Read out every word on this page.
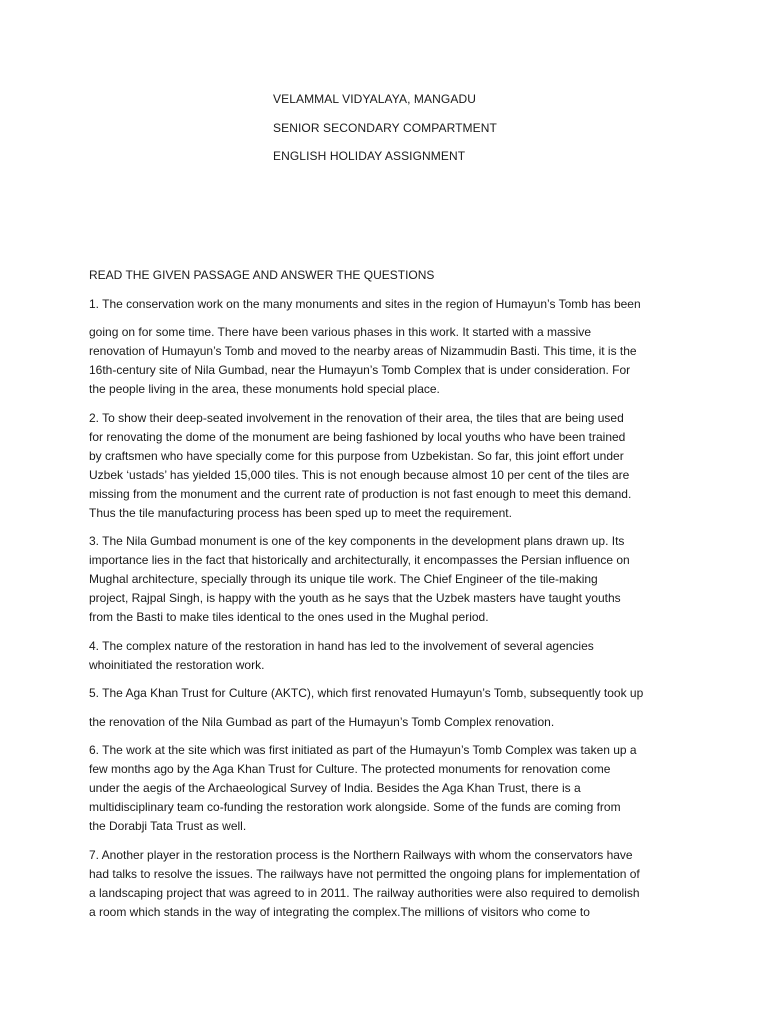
VELAMMAL VIDYALAYA, MANGADU
SENIOR SECONDARY COMPARTMENT
ENGLISH HOLIDAY ASSIGNMENT
READ THE GIVEN PASSAGE AND ANSWER THE QUESTIONS
1. The conservation work on the many monuments and sites in the region of Humayun’s Tomb has been
going on for some time. There have been various phases in this work. It started with a massive
renovation of Humayun’s Tomb and moved to the nearby areas of Nizammudin Basti. This time, it is the
16th-century site of Nila Gumbad, near the Humayun’s Tomb Complex that is under consideration. For
the people living in the area, these monuments hold special place.
2. To show their deep-seated involvement in the renovation of their area, the tiles that are being used
for renovating the dome of the monument are being fashioned by local youths who have been trained
by craftsmen who have specially come for this purpose from Uzbekistan. So far, this joint effort under
Uzbek ‘ustads’ has yielded 15,000 tiles. This is not enough because almost 10 per cent of the tiles are
missing from the monument and the current rate of production is not fast enough to meet this demand.
Thus the tile manufacturing process has been sped up to meet the requirement.
3. The Nila Gumbad monument is one of the key components in the development plans drawn up. Its
importance lies in the fact that historically and architecturally, it encompasses the Persian influence on
Mughal architecture, specially through its unique tile work. The Chief Engineer of the tile-making
project, Rajpal Singh, is happy with the youth as he says that the Uzbek masters have taught youths
from the Basti to make tiles identical to the ones used in the Mughal period.
4. The complex nature of the restoration in hand has led to the involvement of several agencies
whoinitiated the restoration work.
5. The Aga Khan Trust for Culture (AKTC), which first renovated Humayun’s Tomb, subsequently took up
the renovation of the Nila Gumbad as part of the Humayun’s Tomb Complex renovation.
6. The work at the site which was first initiated as part of the Humayun’s Tomb Complex was taken up a
few months ago by the Aga Khan Trust for Culture. The protected monuments for renovation come
under the aegis of the Archaeological Survey of India. Besides the Aga Khan Trust, there is a
multidisciplinary team co-funding the restoration work alongside. Some of the funds are coming from
the Dorabji Tata Trust as well.
7. Another player in the restoration process is the Northern Railways with whom the conservators have
had talks to resolve the issues. The railways have not permitted the ongoing plans for implementation of
a landscaping project that was agreed to in 2011. The railway authorities were also required to demolish
a room which stands in the way of integrating the complex.The millions of visitors who come to
